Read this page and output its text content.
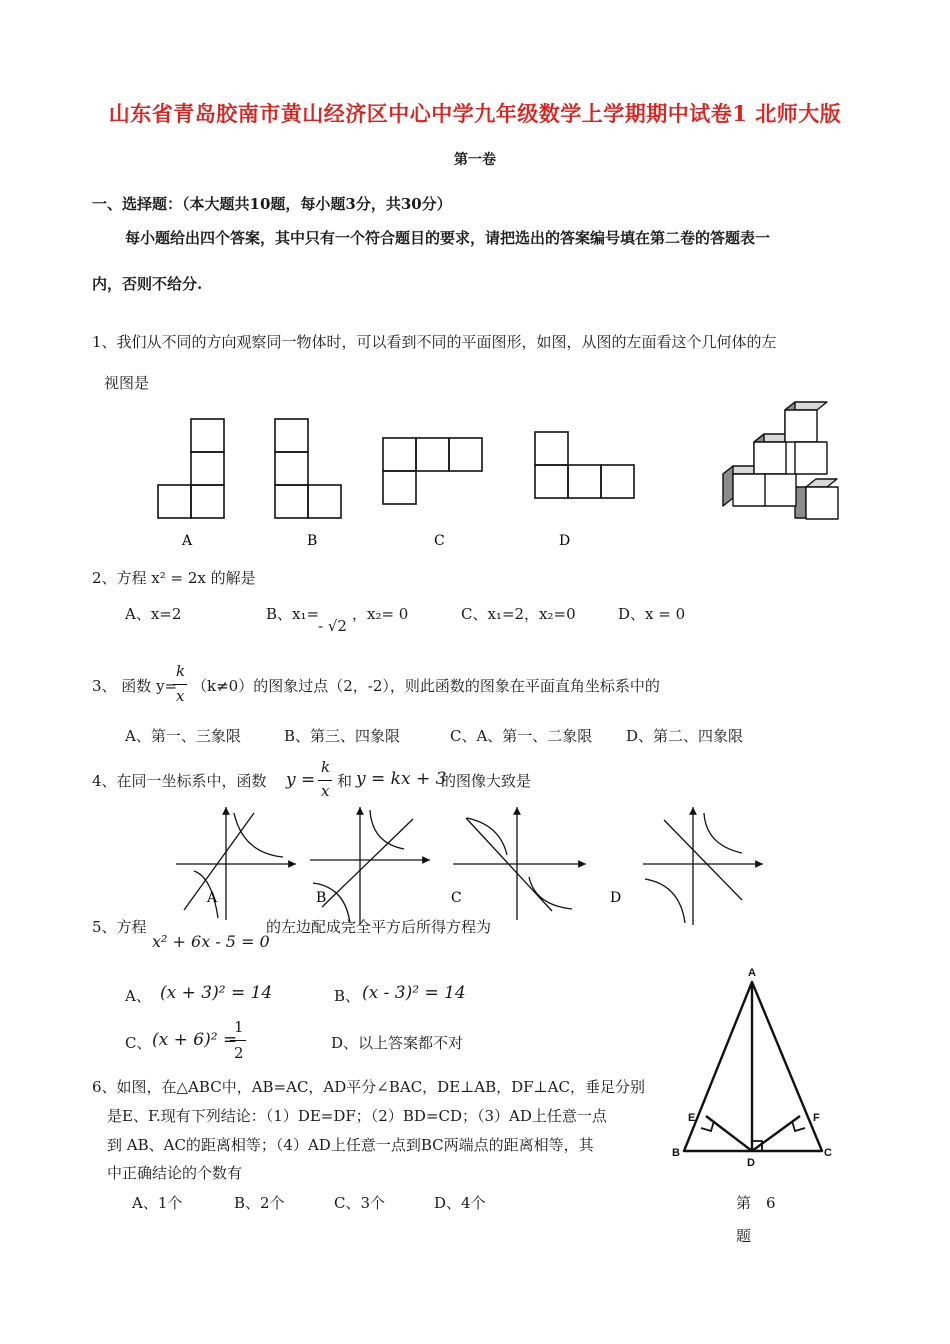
山东省青岛胶南市黄山经济区中心中学九年级数学上学期期中试卷1 北师大版
第一卷
一、选择题：（本大题共10题，每小题3分，共30分）
每小题给出四个答案，其中只有一个符合题目的要求，请把选出的答案编号填在第二卷的答题表一
内，否则不给分.
1、我们从不同的方向观察同一物体时，可以看到不同的平面图形，如图，从图的左面看这个几何体的左
视图是
A	B	C	D
2、方程 x² = 2x 的解是
A、x=2	B、x₁=
- √2
，x₂= 0	C、x₁=2，x₂=0	D、x = 0
3、 函数 y=
k
x
（k≠0）的图象过点（2，-2），则此函数的图象在平面直角坐标系中的
A、第一、三象限	B、第三、四象限	C、A、第一、二象限 D、第二、四象限
4、在同一坐标系中，函数 y =
k
x
和 y = kx + 3
的图像大致是
A	B	C	D
5、方程
x² + 6x - 5 = 0
的左边配成完全平方后所得方程为
A、 (x + 3)² = 14	B、 (x - 3)² = 14
C、 (x + 6)² =
1
2
D、以上答案都不对
6、如图，在△ABC中，AB=AC，AD平分∠BAC，DE⊥AB，DF⊥AC，垂足分别
是E、F.现有下列结论：（1）DE=DF；（2）BD=CD；（3）AD上任意一点
到 AB、AC的距离相等；（4）AD上任意一点到BC两端点的距离相等，其
中正确结论的个数有
A、1个	B、2个	C、3个	D、4个
A
B	C
D
E	F
第　6
题
